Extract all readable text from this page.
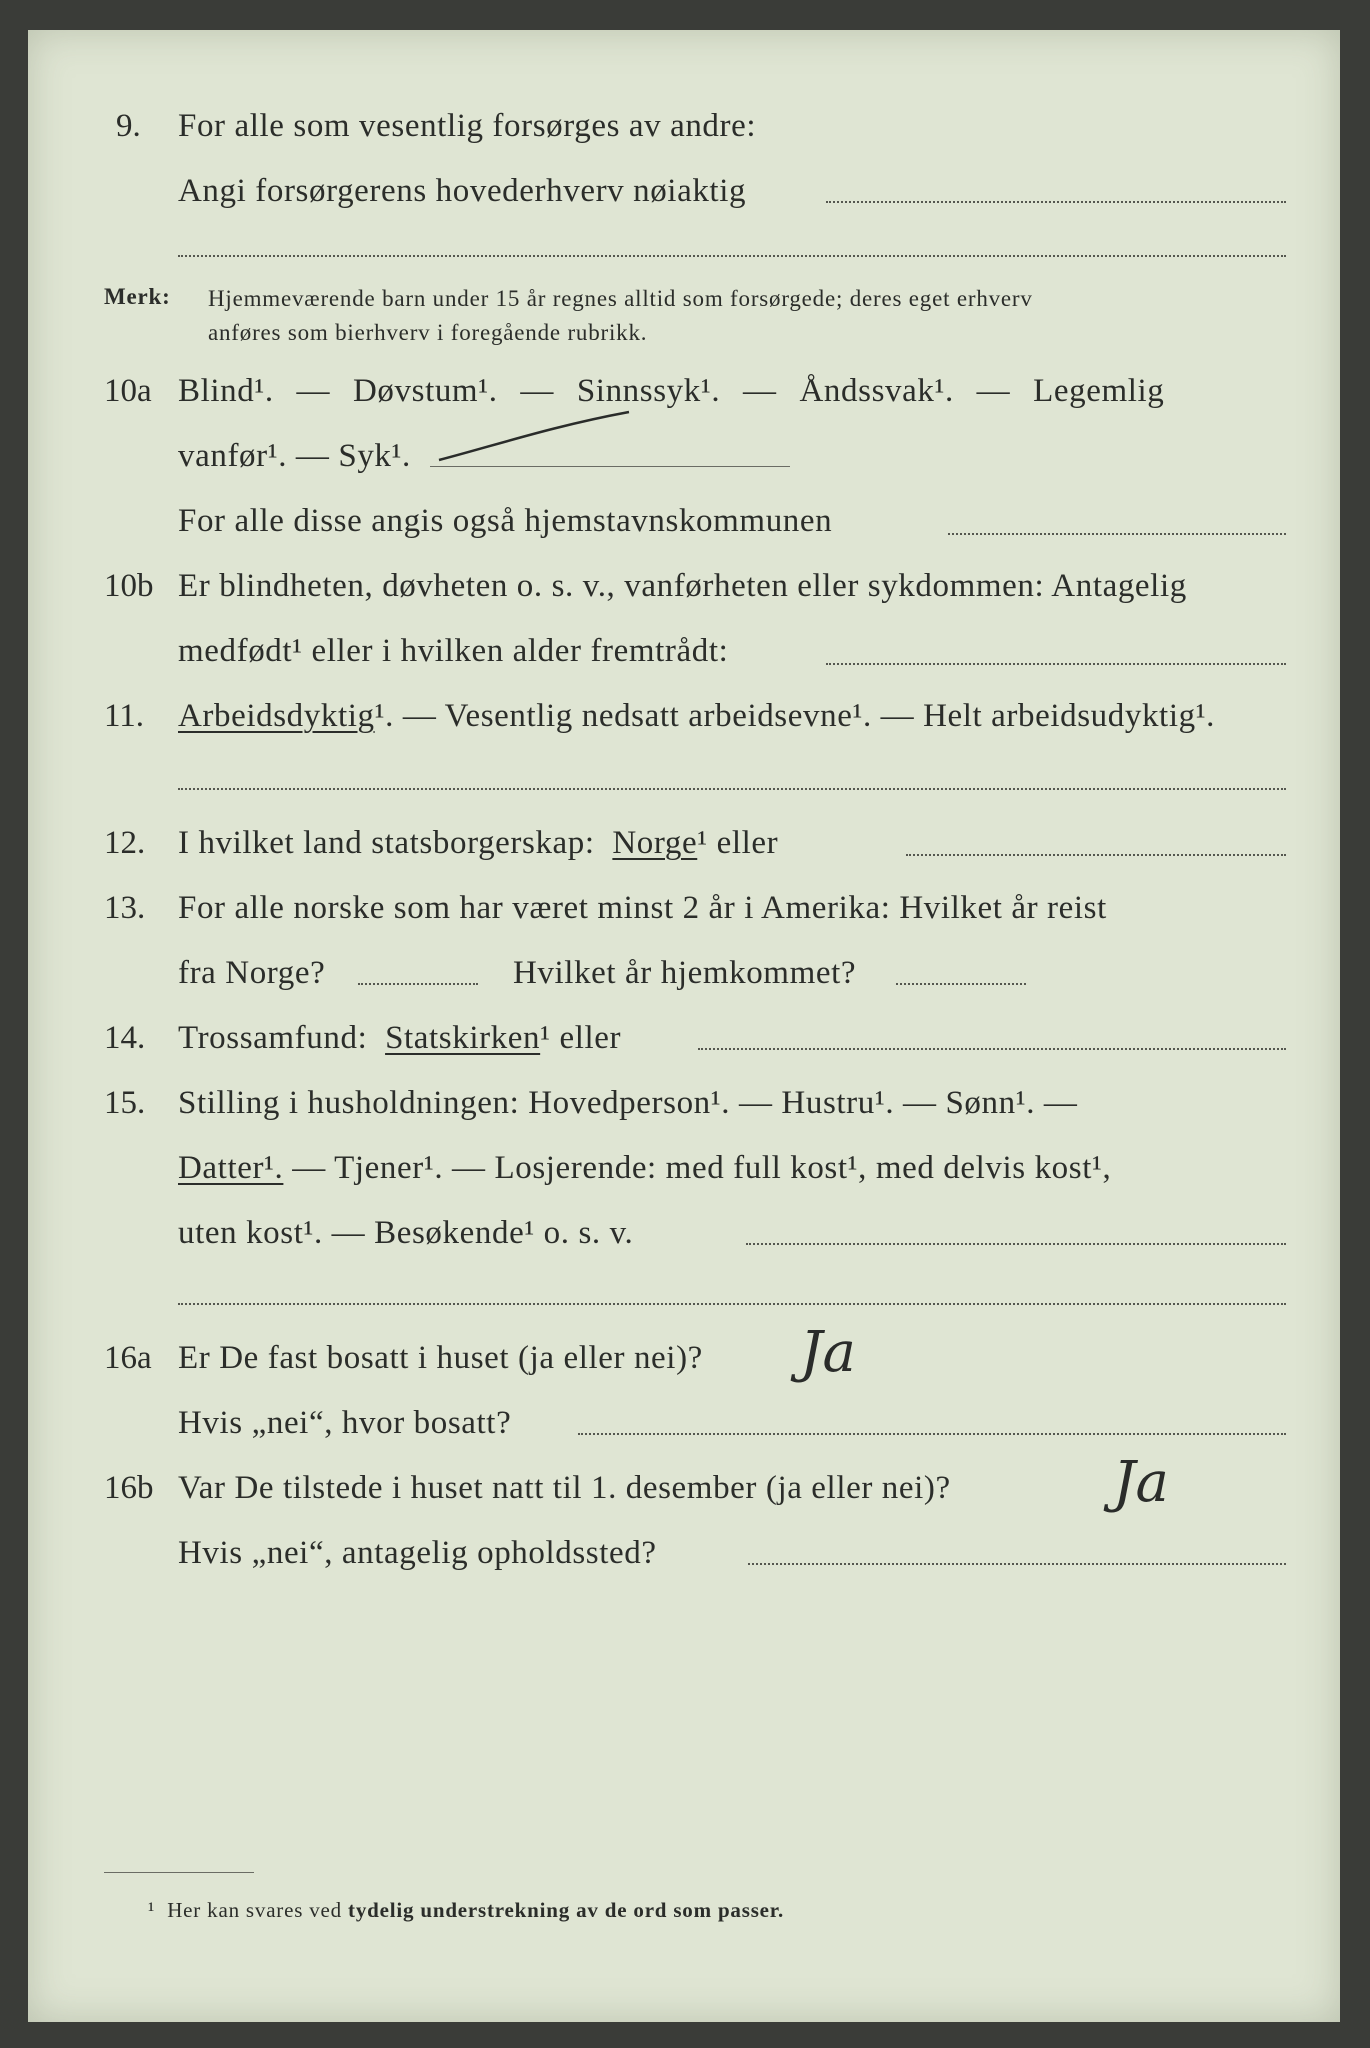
9. For alle som vesentlig forsørges av andre:
Angi forsørgerens hovederhverv nøiaktig
Merk: Hjemmeværende barn under 15 år regnes alltid som forsørgede; deres eget erhverv
anføres som bierhverv i foregående rubrikk.
10a Blind¹. — Døvstum¹. — Sinnssyk¹. — Åndssvak¹. — Legemlig
vanfør¹. — Syk¹.
For alle disse angis også hjemstavnskommunen
10b Er blindheten, døvheten o. s. v., vanførheten eller sykdommen: Antagelig
medfødt¹ eller i hvilken alder fremtrådt:
11. Arbeidsdyktig¹. — Vesentlig nedsatt arbeidsevne¹. — Helt arbeidsudyktig¹.
12. I hvilket land statsborgerskap: Norge¹ eller
13. For alle norske som har været minst 2 år i Amerika: Hvilket år reist
fra Norge?	Hvilket år hjemkommet?
14. Trossamfund: Statskirken¹ eller
15. Stilling i husholdningen: Hovedperson¹. — Hustru¹. — Sønn¹. —
Datter¹. — Tjener¹. — Losjerende: med full kost¹, med delvis kost¹,
uten kost¹. — Besøkende¹ o. s. v.
16a Er De fast bosatt i huset (ja eller nei)? Ja
Hvis „nei“, hvor bosatt?
16b Var De tilstede i huset natt til 1. desember (ja eller nei)?	Ja
Hvis „nei“, antagelig opholdssted?
¹ Her kan svares ved tydelig understrekning av de ord som passer.
